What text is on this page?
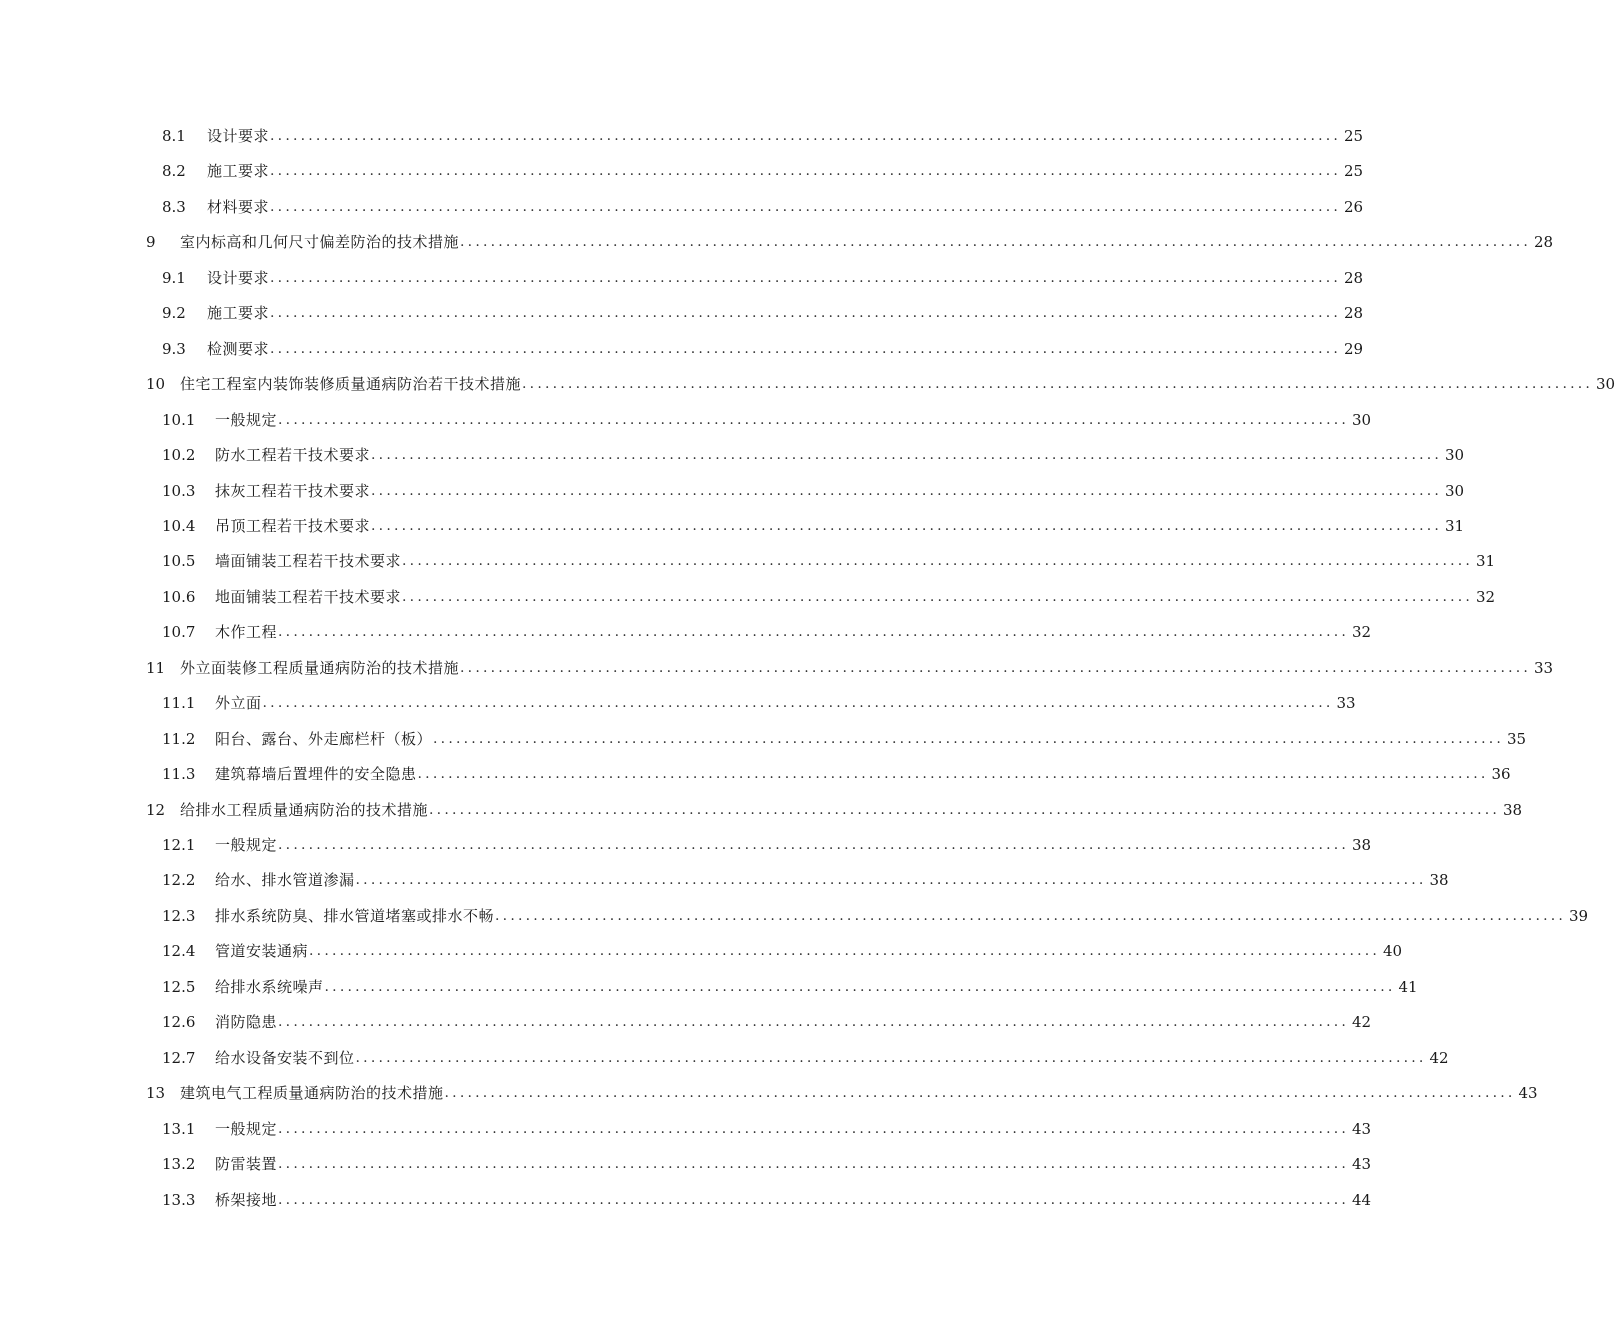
8.1	设计要求 ............................................................................................................................................ 25
8.2	施工要求 ............................................................................................................................................ 25
8.3	材料要求 ............................................................................................................................................ 26
9	室内标高和几何尺寸偏差防治的技术措施 ............................................................................................................................................ 28
9.1	设计要求 ............................................................................................................................................ 28
9.2	施工要求 ............................................................................................................................................ 28
9.3	检测要求 ............................................................................................................................................ 29
10 住宅工程室内装饰装修质量通病防治若干技术措施 ............................................................................................................................................ 30
10.1	一般规定 ............................................................................................................................................ 30
10.2	防水工程若干技术要求 ............................................................................................................................................ 30
10.3	抹灰工程若干技术要求 ............................................................................................................................................ 30
10.4	吊顶工程若干技术要求 ............................................................................................................................................ 31
10.5	墙面铺装工程若干技术要求 ............................................................................................................................................ 31
10.6	地面铺装工程若干技术要求 ............................................................................................................................................ 32
10.7	木作工程 ............................................................................................................................................ 32
11 外立面装修工程质量通病防治的技术措施 ............................................................................................................................................ 33
11.1	外立面 ............................................................................................................................................ 33
11.2	阳台、露台、外走廊栏杆（板） ............................................................................................................................................ 35
11.3	建筑幕墙后置埋件的安全隐患 ............................................................................................................................................ 36
12 给排水工程质量通病防治的技术措施 ............................................................................................................................................ 38
12.1	一般规定 ............................................................................................................................................ 38
12.2	给水、排水管道渗漏 ............................................................................................................................................ 38
12.3	排水系统防臭、排水管道堵塞或排水不畅 ............................................................................................................................................ 39
12.4	管道安装通病 ............................................................................................................................................ 40
12.5	给排水系统噪声 ............................................................................................................................................ 41
12.6	消防隐患 ............................................................................................................................................ 42
12.7	给水设备安装不到位 ............................................................................................................................................ 42
13 建筑电气工程质量通病防治的技术措施 ............................................................................................................................................ 43
13.1	一般规定 ............................................................................................................................................ 43
13.2	防雷装置 ............................................................................................................................................ 43
13.3	桥架接地 ............................................................................................................................................ 44
